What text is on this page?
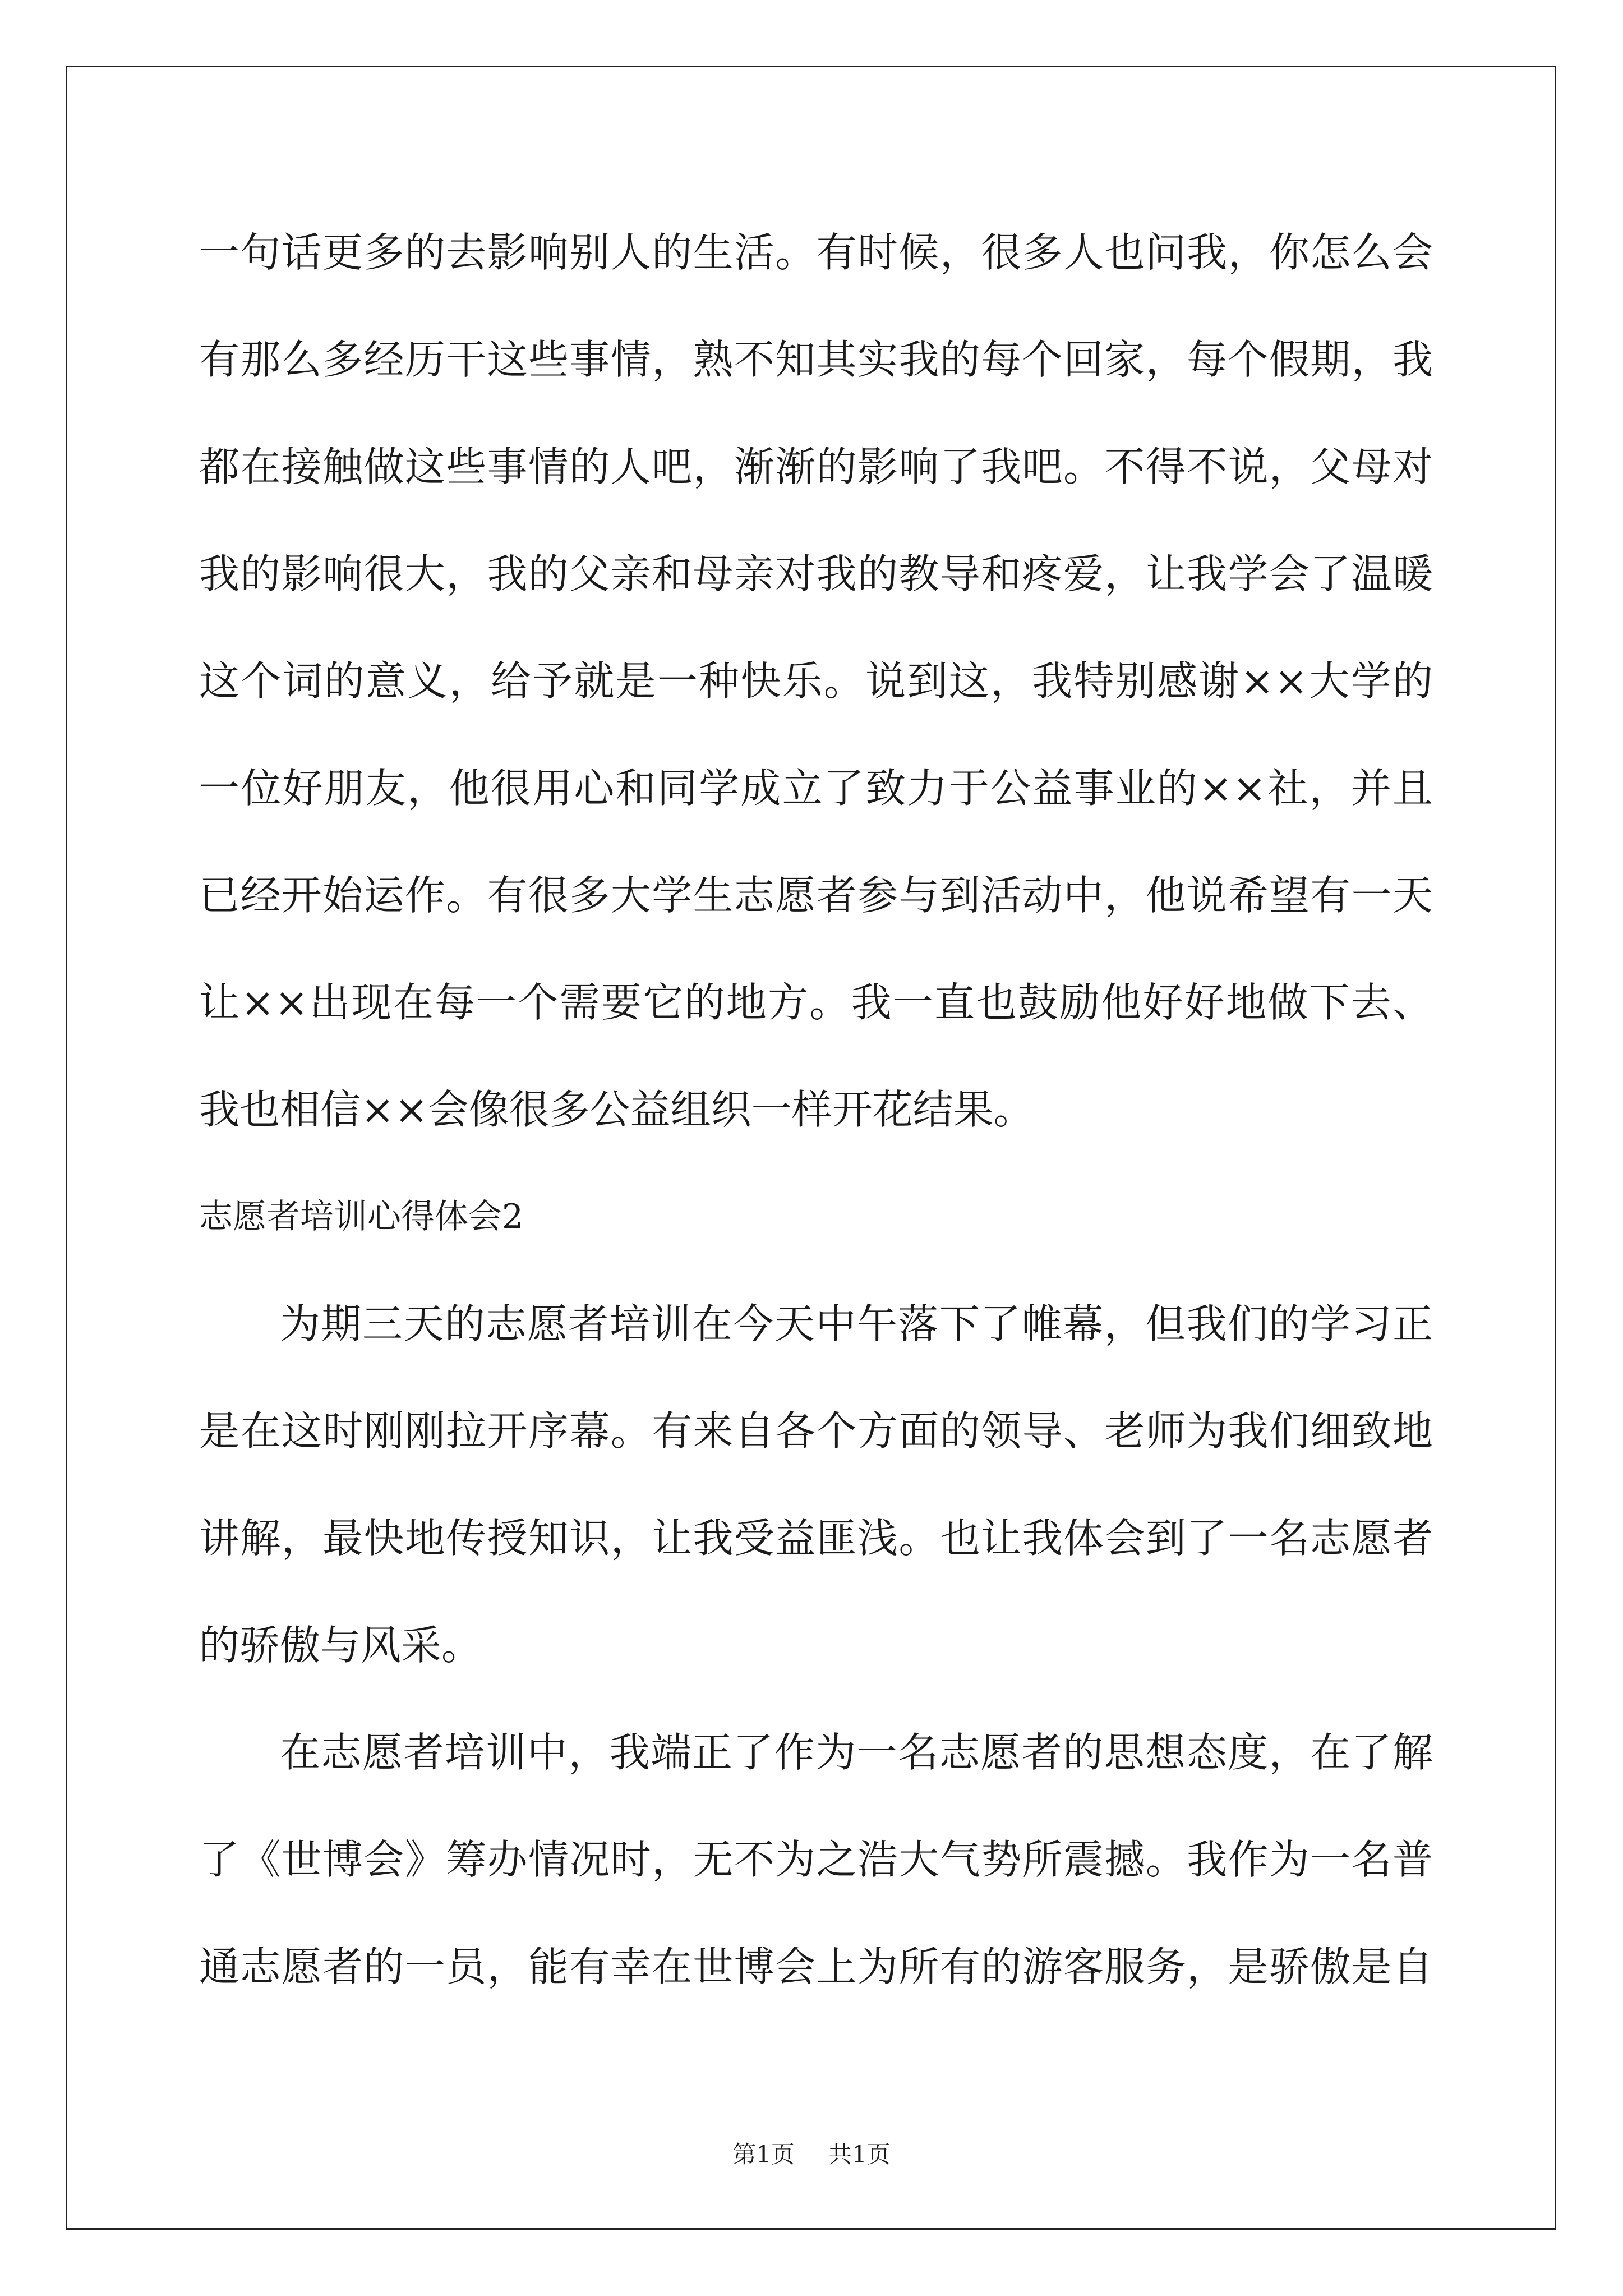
一句话更多的去影响别人的生活。有时候，很多人也问我，你怎么会
有那么多经历干这些事情，熟不知其实我的每个回家，每个假期，我
都在接触做这些事情的人吧，渐渐的影响了我吧。不得不说，父母对
我的影响很大，我的父亲和母亲对我的教导和疼爱，让我学会了温暖
这个词的意义，给予就是一种快乐。说到这，我特别感谢××大学的
一位好朋友，他很用心和同学成立了致力于公益事业的××社，并且
已经开始运作。有很多大学生志愿者参与到活动中，他说希望有一天
让××出现在每一个需要它的地方。我一直也鼓励他好好地做下去、
我也相信××会像很多公益组织一样开花结果。
志愿者培训心得体会2
为期三天的志愿者培训在今天中午落下了帷幕，但我们的学习正
是在这时刚刚拉开序幕。有来自各个方面的领导、老师为我们细致地
讲解，最快地传授知识，让我受益匪浅。也让我体会到了一名志愿者
的骄傲与风采。
在志愿者培训中，我端正了作为一名志愿者的思想态度，在了解
了《世博会》筹办情况时，无不为之浩大气势所震撼。我作为一名普
通志愿者的一员，能有幸在世博会上为所有的游客服务，是骄傲是自
第1页 共1页
